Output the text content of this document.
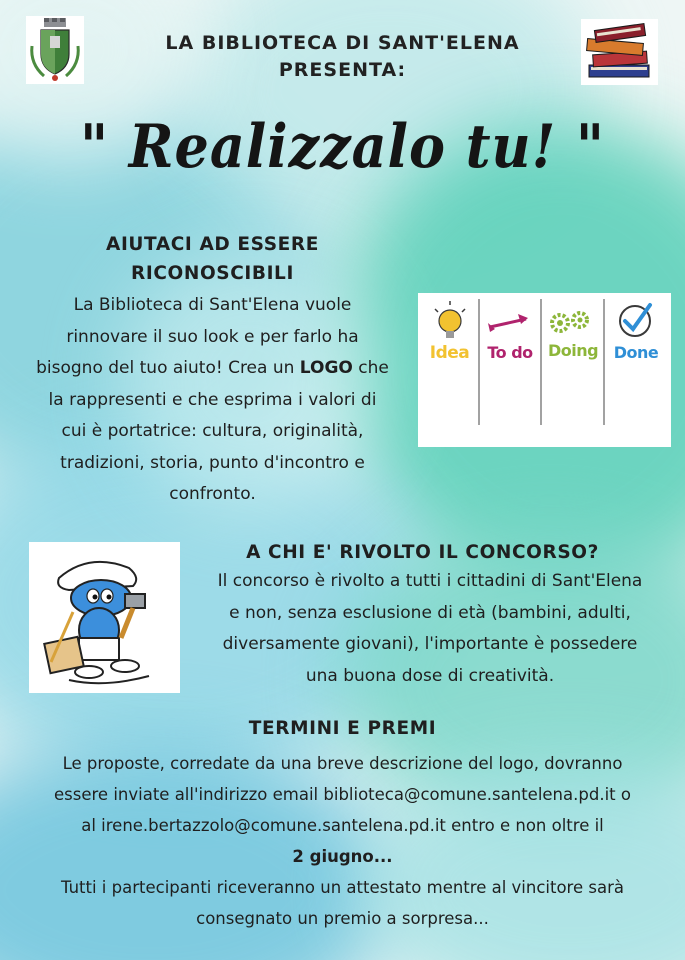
LA BIBLIOTECA DI SANT'ELENA
PRESENTA:
" Realizzalo tu! "
AIUTACI AD ESSERE
RICONOSCIBILI
La Biblioteca di Sant'Elena vuole
rinnovare il suo look e per farlo ha
bisogno del tuo aiuto! Crea un LOGO che
la rappresenti e che esprima i valori di
cui è portatrice: cultura, originalità,
tradizioni, storia, punto d'incontro e
confronto.
Idea	To do Doing Done
A CHI E' RIVOLTO IL CONCORSO?
Il concorso è rivolto a tutti i cittadini di Sant'Elena
e non, senza esclusione di età (bambini, adulti,
diversamente giovani), l'importante è possedere
una buona dose di creatività.
TERMINI E PREMI
Le proposte, corredate da una breve descrizione del logo, dovranno
essere inviate all'indirizzo email biblioteca@comune.santelena.pd.it o
al irene.bertazzolo@comune.santelena.pd.it entro e non oltre il
2 giugno...
Tutti i partecipanti riceveranno un attestato mentre al vincitore sarà
consegnato un premio a sorpresa...
